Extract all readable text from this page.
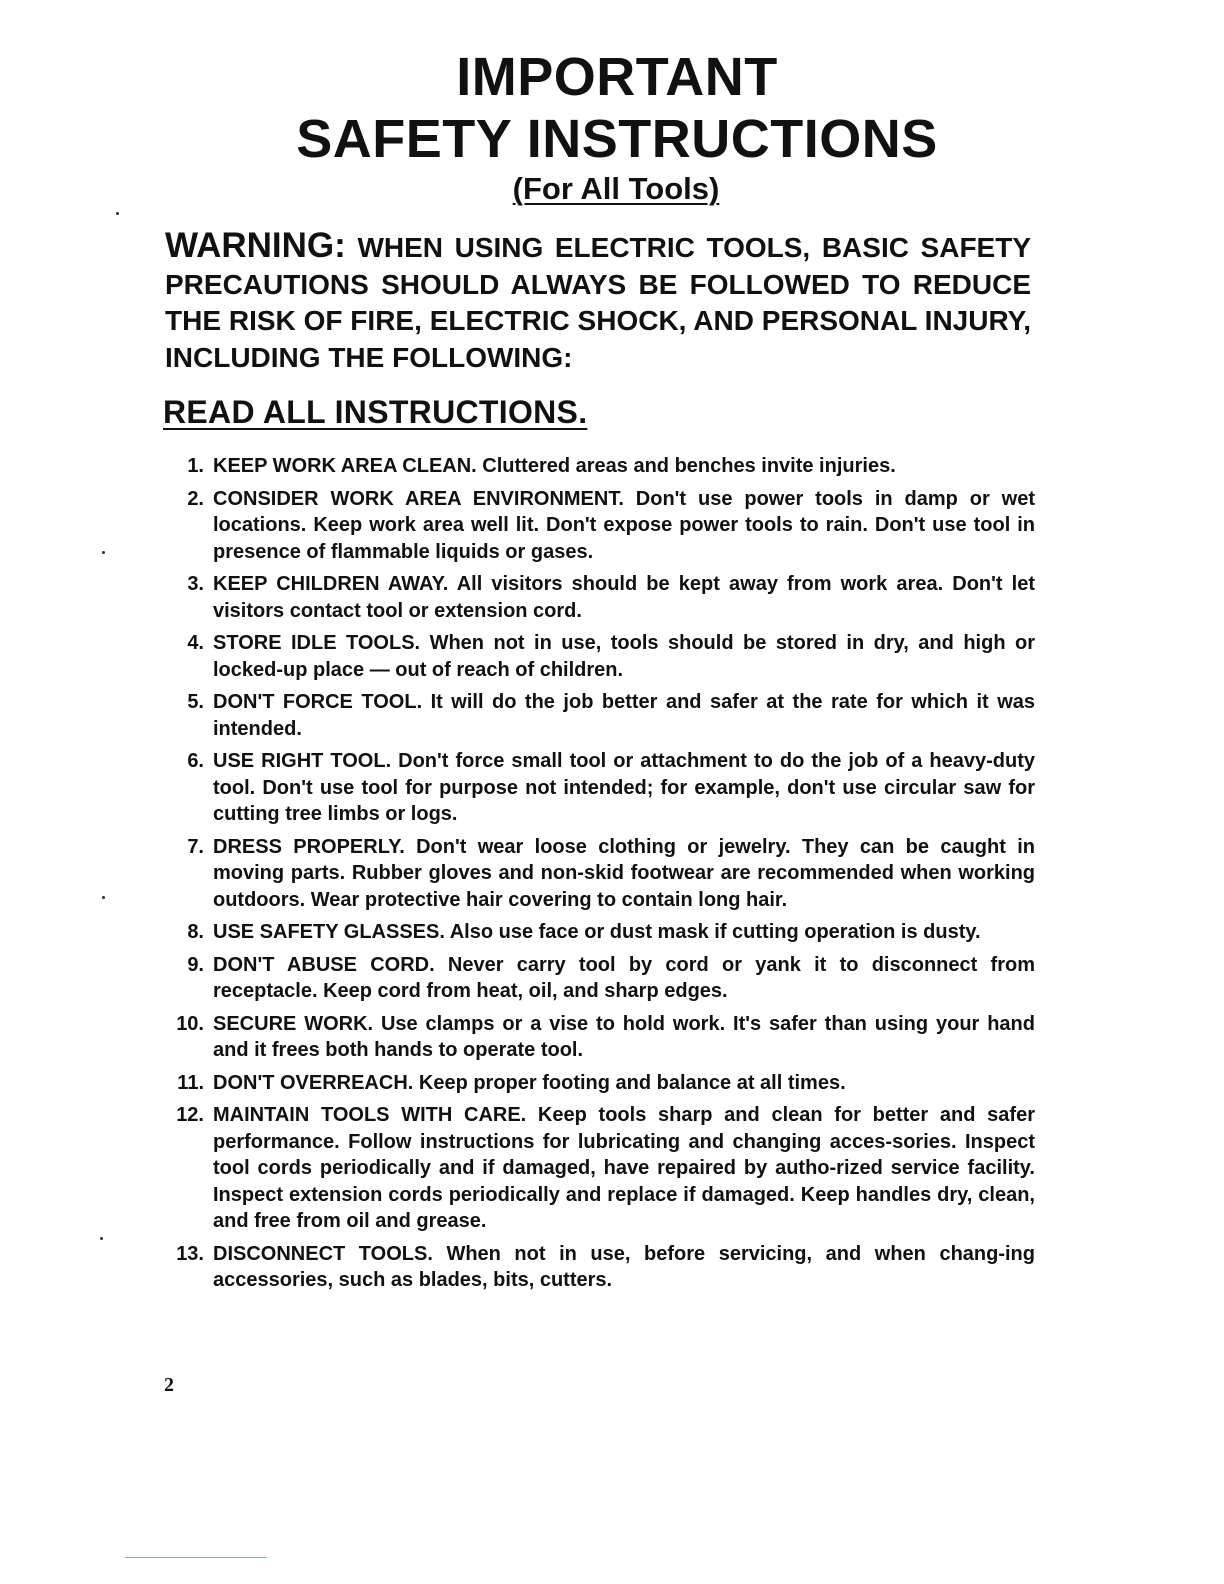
IMPORTANT
SAFETY INSTRUCTIONS
(For All Tools)
WARNING: WHEN USING ELECTRIC TOOLS, BASIC SAFETY PRECAUTIONS SHOULD ALWAYS BE FOLLOWED TO REDUCE THE RISK OF FIRE, ELECTRIC SHOCK, AND PERSONAL INJURY, INCLUDING THE FOLLOWING:
READ ALL INSTRUCTIONS.
1. KEEP WORK AREA CLEAN. Cluttered areas and benches invite injuries.
2. CONSIDER WORK AREA ENVIRONMENT. Don't use power tools in damp or wet locations. Keep work area well lit. Don't expose power tools to rain. Don't use tool in presence of flammable liquids or gases.
3. KEEP CHILDREN AWAY. All visitors should be kept away from work area. Don't let visitors contact tool or extension cord.
4. STORE IDLE TOOLS. When not in use, tools should be stored in dry, and high or locked-up place — out of reach of children.
5. DON'T FORCE TOOL. It will do the job better and safer at the rate for which it was intended.
6. USE RIGHT TOOL. Don't force small tool or attachment to do the job of a heavy-duty tool. Don't use tool for purpose not intended; for example, don't use circular saw for cutting tree limbs or logs.
7. DRESS PROPERLY. Don't wear loose clothing or jewelry. They can be caught in moving parts. Rubber gloves and non-skid footwear are recommended when working outdoors. Wear protective hair covering to contain long hair.
8. USE SAFETY GLASSES. Also use face or dust mask if cutting operation is dusty.
9. DON'T ABUSE CORD. Never carry tool by cord or yank it to disconnect from receptacle. Keep cord from heat, oil, and sharp edges.
10. SECURE WORK. Use clamps or a vise to hold work. It's safer than using your hand and it frees both hands to operate tool.
11. DON'T OVERREACH. Keep proper footing and balance at all times.
12. MAINTAIN TOOLS WITH CARE. Keep tools sharp and clean for better and safer performance. Follow instructions for lubricating and changing acces-sories. Inspect tool cords periodically and if damaged, have repaired by autho-rized service facility. Inspect extension cords periodically and replace if damaged. Keep handles dry, clean, and free from oil and grease.
13. DISCONNECT TOOLS. When not in use, before servicing, and when chang-ing accessories, such as blades, bits, cutters.
2
